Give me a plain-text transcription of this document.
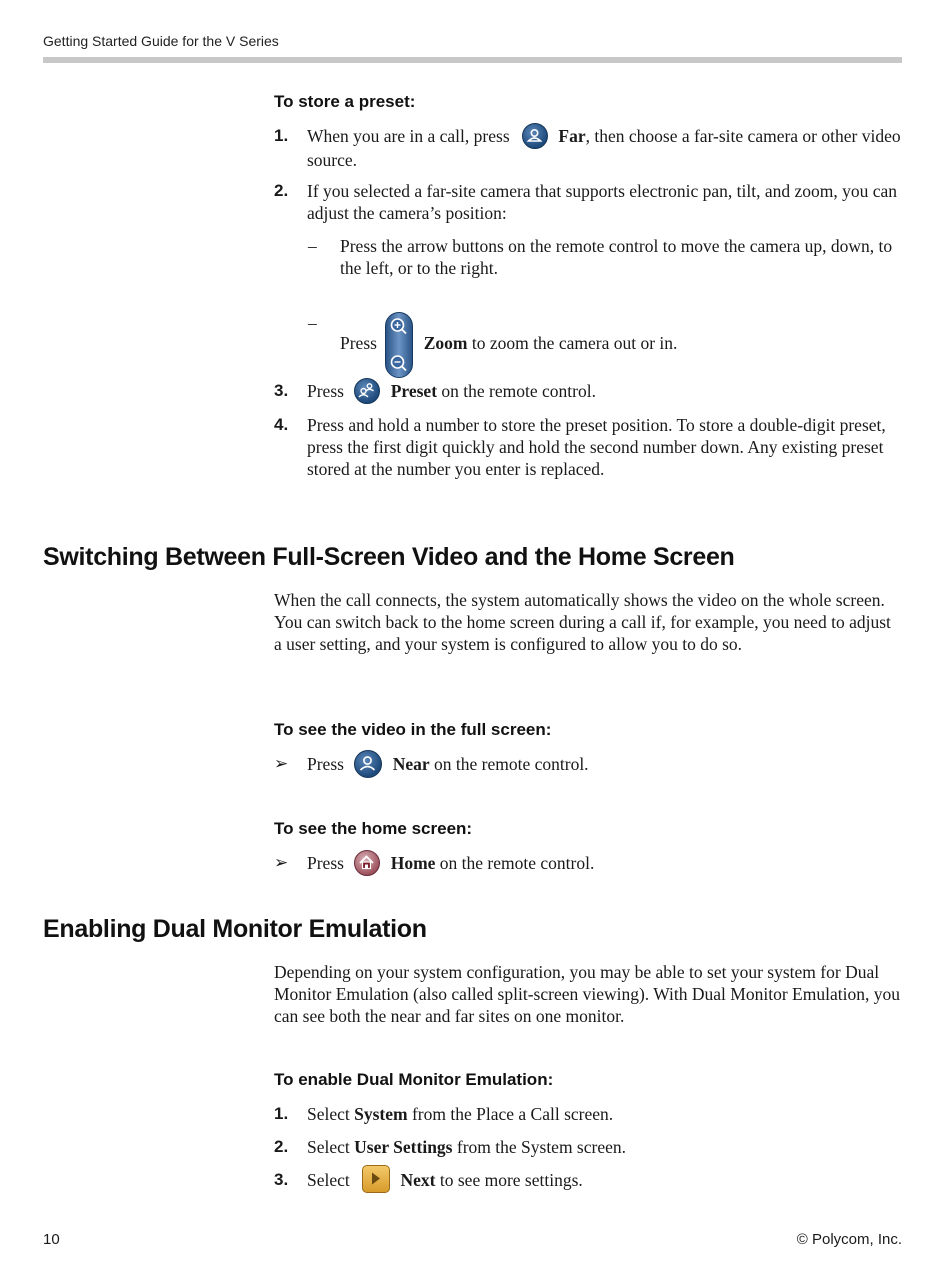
Getting Started Guide for the V Series
To store a preset:
1. When you are in a call, press	Far, then choose a far-site camera or other video source.
2. If you selected a far-site camera that supports electronic pan, tilt, and zoom, you can adjust the camera’s position:
– Press the arrow buttons on the remote control to move the camera up, down, to the left, or to the right.
–
Press	Zoom to zoom the camera out or in.
3. Press	Preset on the remote control.
4. Press and hold a number to store the preset position. To store a double-digit preset, press the first digit quickly and hold the second number down. Any existing preset stored at the number you enter is replaced.
Switching Between Full-Screen Video and the Home Screen
When the call connects, the system automatically shows the video on the whole screen. You can switch back to the home screen during a call if, for example, you need to adjust a user setting, and your system is configured to allow you to do so.
To see the video in the full screen:
➢ Press	Near on the remote control.
To see the home screen:
➢ Press	Home on the remote control.
Enabling Dual Monitor Emulation
Depending on your system configuration, you may be able to set your system for Dual Monitor Emulation (also called split-screen viewing). With Dual Monitor Emulation, you can see both the near and far sites on one monitor.
To enable Dual Monitor Emulation:
1. Select System from the Place a Call screen.
2. Select User Settings from the System screen.
3. Select	Next to see more settings.
10	© Polycom, Inc.
